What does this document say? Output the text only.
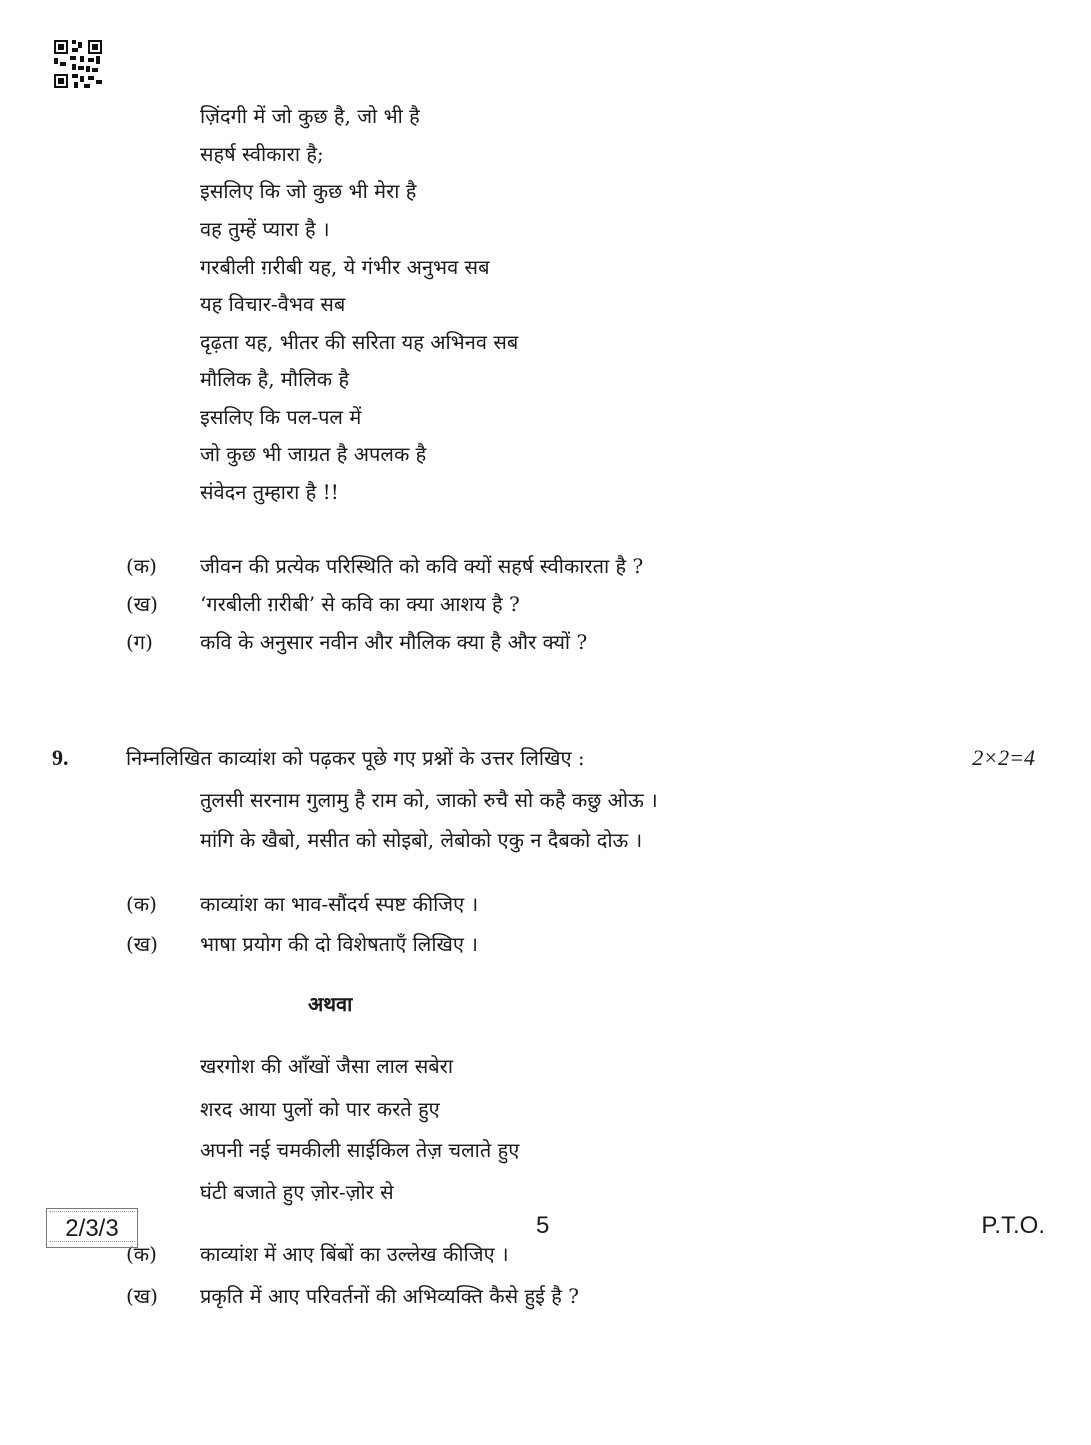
ज़िंदगी में जो कुछ है, जो भी है
सहर्ष स्वीकारा है;
इसलिए कि जो कुछ भी मेरा है
वह तुम्हें प्यारा है ।
गरबीली ग़रीबी यह, ये गंभीर अनुभव सब
यह विचार-वैभव सब
दृढ़ता यह, भीतर की सरिता यह अभिनव सब
मौलिक है, मौलिक है
इसलिए कि पल-पल में
जो कुछ भी जाग्रत है अपलक है
संवेदन तुम्हारा है !!
(क) जीवन की प्रत्येक परिस्थिति को कवि क्यों सहर्ष स्वीकारता है ?
(ख) ‘गरबीली ग़रीबी’ से कवि का क्या आशय है ?
(ग) कवि के अनुसार नवीन और मौलिक क्या है और क्यों ?
9.	निम्नलिखित काव्यांश को पढ़कर पूछे गए प्रश्नों के उत्तर लिखिए :	2×2=4
तुलसी सरनाम गुलामु है राम को, जाको रुचै सो कहै कछु ओऊ ।
मांगि के खैबो, मसीत को सोइबो, लेबोको एकु न दैबको दोऊ ।
(क) काव्यांश का भाव-सौंदर्य स्पष्ट कीजिए ।
(ख) भाषा प्रयोग की दो विशेषताएँ लिखिए ।
अथवा
खरगोश की आँखों जैसा लाल सबेरा
शरद आया पुलों को पार करते हुए
अपनी नई चमकीली साईकिल तेज़ चलाते हुए
घंटी बजाते हुए ज़ोर-ज़ोर से
(क) काव्यांश में आए बिंबों का उल्लेख कीजिए ।
(ख) प्रकृति में आए परिवर्तनों की अभिव्यक्ति कैसे हुई है ?
2/3/3	5	P.T.O.
